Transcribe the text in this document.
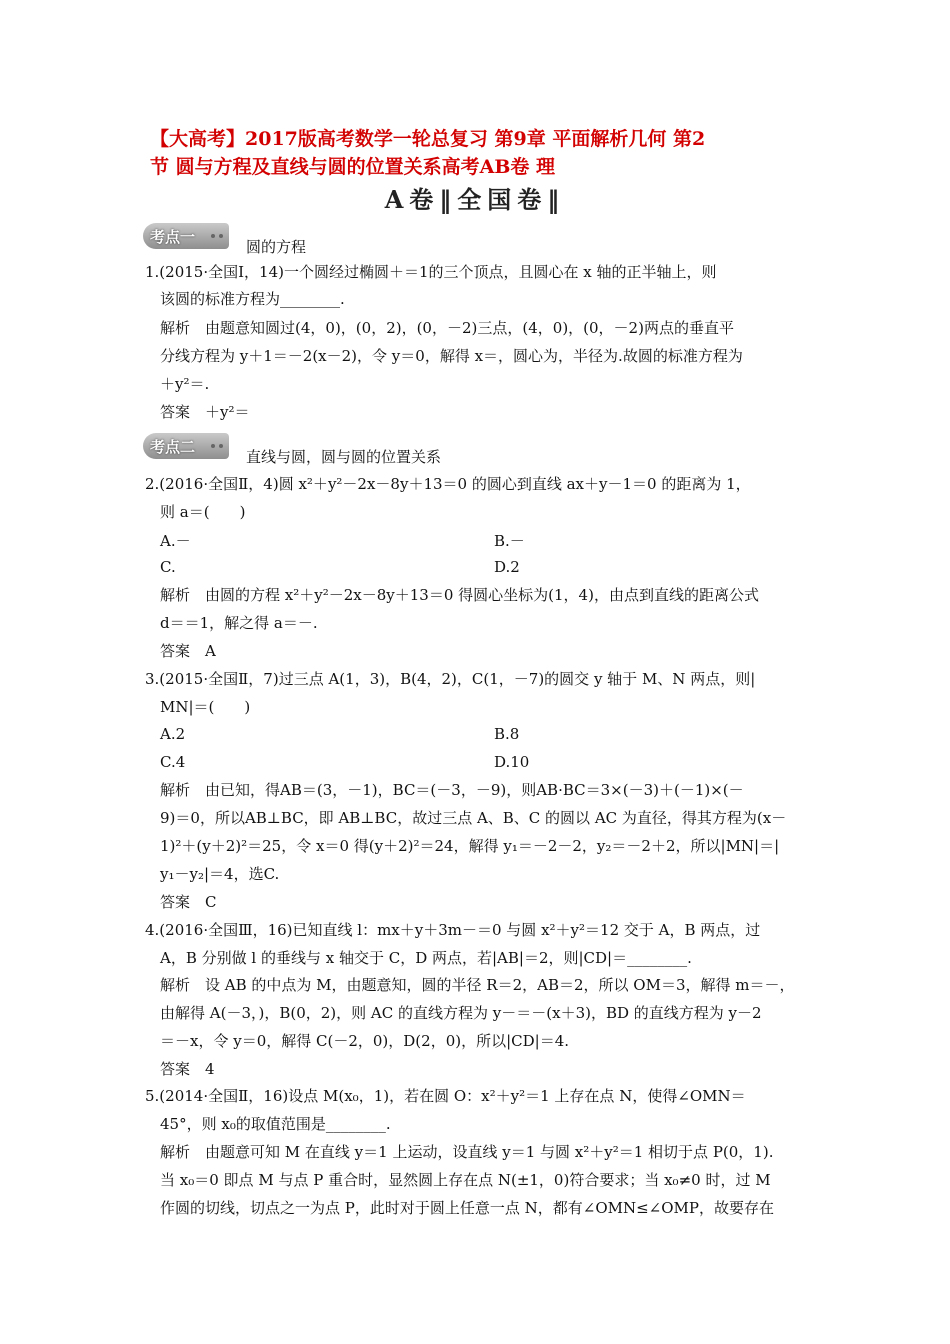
【大高考】2017版高考数学一轮总复习 第9章 平面解析几何 第2
节 圆与方程及直线与圆的位置关系高考AB卷 理
A卷‖全国卷‖
考点一
圆的方程
1.(2015·全国Ⅰ，14)一个圆经过椭圆＋＝1的三个顶点，且圆心在 x 轴的正半轴上，则
该圆的标准方程为________.
解析　由题意知圆过(4，0)，(0，2)，(0，－2)三点，(4，0)，(0，－2)两点的垂直平
分线方程为 y＋1＝－2(x－2)，令 y＝0，解得 x＝，圆心为，半径为.故圆的标准方程为
＋y²＝.
答案　＋y²＝
考点二
直线与圆，圆与圆的位置关系
2.(2016·全国Ⅱ，4)圆 x²＋y²－2x－8y＋13＝0 的圆心到直线 ax＋y－1＝0 的距离为 1，
则 a＝(　　)
A.－	B.－
C.	D.2
解析　由圆的方程 x²＋y²－2x－8y＋13＝0 得圆心坐标为(1，4)，由点到直线的距离公式
d＝＝1，解之得 a＝－.
答案　A
3.(2015·全国Ⅱ，7)过三点 A(1，3)，B(4，2)，C(1，－7)的圆交 y 轴于 M、N 两点，则|
MN|＝(　　)
A.2	B.8
C.4	D.10
解析　由已知，得AB＝(3，－1)，BC＝(－3，－9)，则AB·BC＝3×(－3)＋(－1)×(－
9)＝0，所以AB⊥BC，即 AB⊥BC，故过三点 A、B、C 的圆以 AC 为直径，得其方程为(x－
1)²＋(y＋2)²＝25，令 x＝0 得(y＋2)²＝24，解得 y₁＝－2－2，y₂＝－2＋2，所以|MN|＝|
y₁－y₂|＝4，选C.
答案　C
4.(2016·全国Ⅲ，16)已知直线 l：mx＋y＋3m－＝0 与圆 x²＋y²＝12 交于 A，B 两点，过
A，B 分别做 l 的垂线与 x 轴交于 C，D 两点，若|AB|＝2，则|CD|＝________.
解析　设 AB 的中点为 M，由题意知，圆的半径 R＝2，AB＝2，所以 OM＝3，解得 m＝－，
由解得 A(－3，)，B(0，2)，则 AC 的直线方程为 y－＝－(x＋3)，BD 的直线方程为 y－2
＝－x，令 y＝0，解得 C(－2，0)，D(2，0)，所以|CD|＝4.
答案　4
5.(2014·全国Ⅱ，16)设点 M(x₀，1)，若在圆 O：x²＋y²＝1 上存在点 N，使得∠OMN＝
45°，则 x₀的取值范围是________.
解析　由题意可知 M 在直线 y＝1 上运动，设直线 y＝1 与圆 x²＋y²＝1 相切于点 P(0，1).
当 x₀＝0 即点 M 与点 P 重合时，显然圆上存在点 N(±1，0)符合要求；当 x₀≠0 时，过 M
作圆的切线，切点之一为点 P，此时对于圆上任意一点 N，都有∠OMN≤∠OMP，故要存在
